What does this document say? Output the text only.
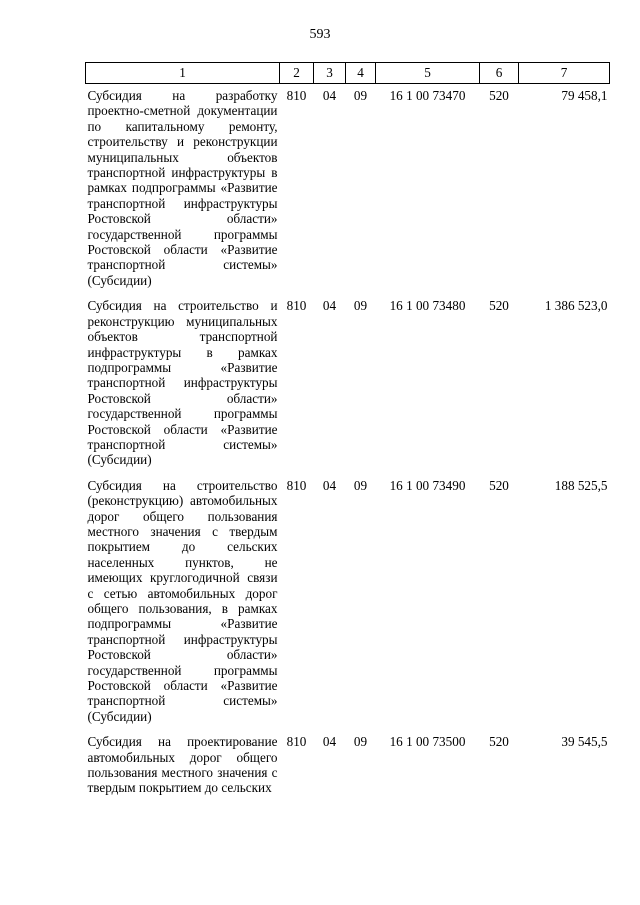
593
1	2	3	4	5	6	7
Субсидия на разработку проектно-сметной документации по капитальному ремонту, строительству и реконструкции муниципальных объектов транспортной инфраструктуры в рамках подпрограммы «Развитие транспортной инфраструктуры Ростовской области» государственной программы Ростовской области «Развитие транспортной системы» (Субсидии)	810	04	09	16 1 00 73470	520	79 458,1
Субсидия на строительство и реконструкцию муниципальных объектов транспортной инфраструктуры в рамках подпрограммы «Развитие транспортной инфраструктуры Ростовской области» государственной программы Ростовской области «Развитие транспортной системы» (Субсидии)	810	04	09	16 1 00 73480	520	1 386 523,0
Субсидия на строительство (реконструкцию) автомобильных дорог общего пользования местного значения с твердым покрытием до сельских населенных пунктов, не имеющих круглогодичной связи с сетью автомобильных дорог общего пользования, в рамках подпрограммы «Развитие транспортной инфраструктуры Ростовской области» государственной программы Ростовской области «Развитие транспортной системы» (Субсидии)	810	04	09	16 1 00 73490	520	188 525,5
Субсидия на проектирование автомобильных дорог общего пользования местного значения с твердым покрытием до сельских	810	04	09	16 1 00 73500	520	39 545,5
